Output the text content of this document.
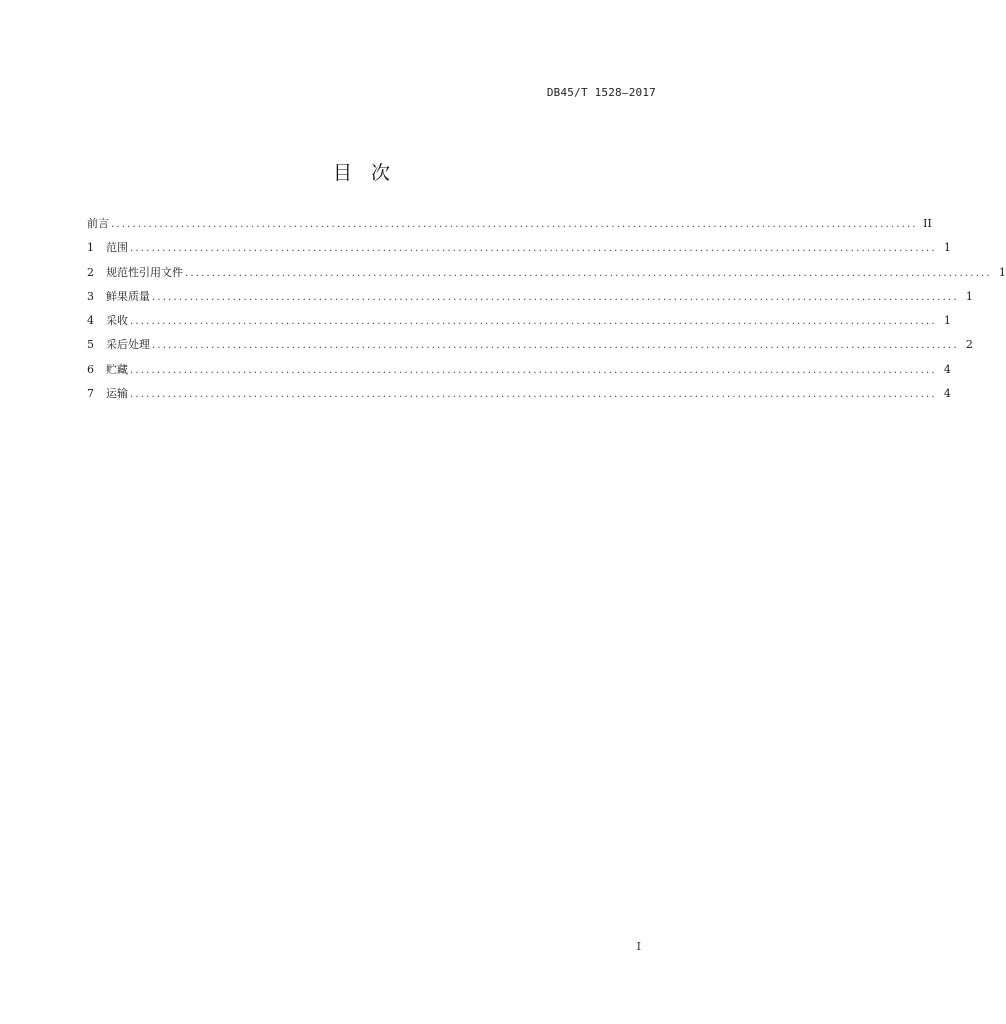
DB45/T 1528—2017
目 次
前言 ...................................................................................................................................................... II
1	范围 ...................................................................................................................................................... 1
2	规范性引用文件 ...................................................................................................................................................... 1
3	鲜果质量 ...................................................................................................................................................... 1
4	采收 ...................................................................................................................................................... 1
5	采后处理 ...................................................................................................................................................... 2
6	贮藏 ...................................................................................................................................................... 4
7	运输 ...................................................................................................................................................... 4
I
